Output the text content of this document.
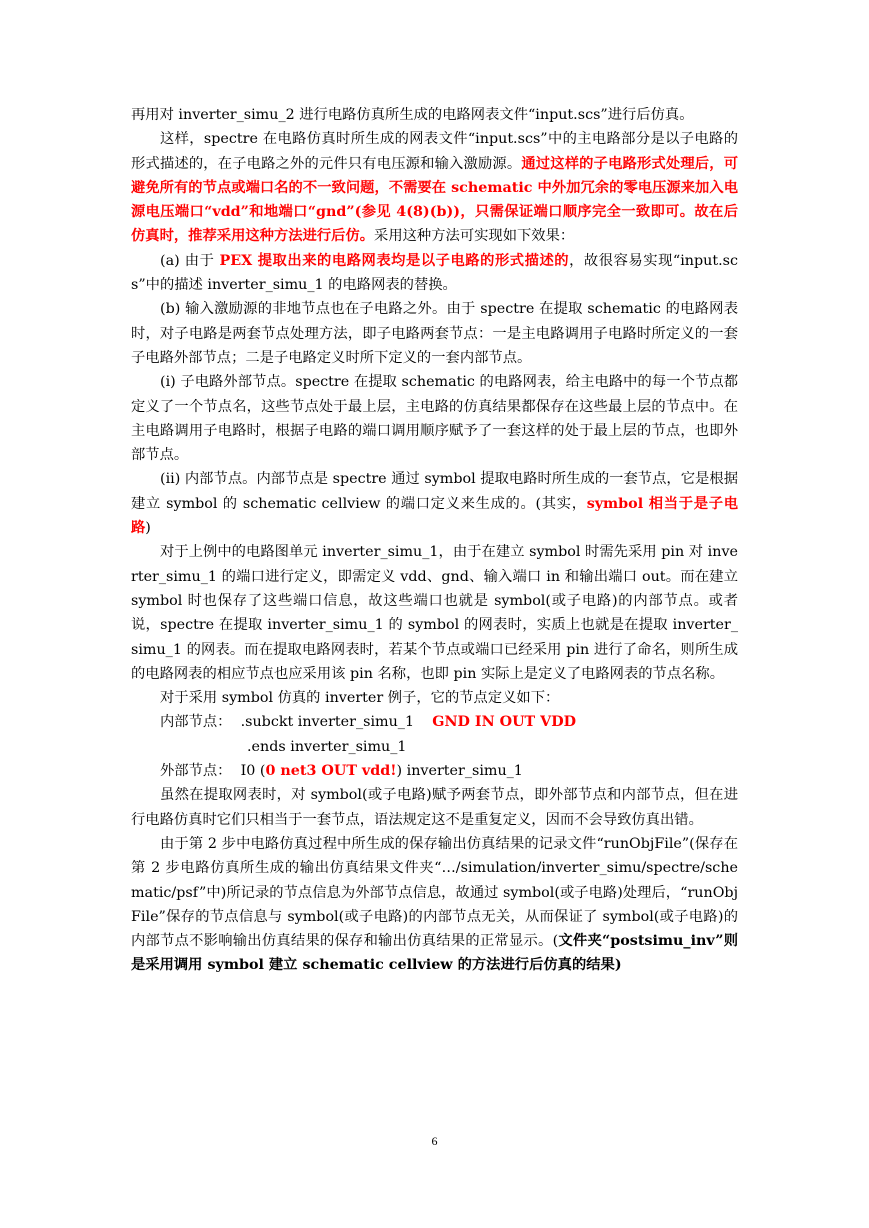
再用对 inverter_simu_2 进行电路仿真所生成的电路网表文件“input.scs”进行后仿真。

这样，spectre 在电路仿真时所生成的网表文件“input.scs”中的主电路部分是以子电路的形式描述的，在子电路之外的元件只有电压源和输入激励源。通过这样的子电路形式处理后，可避免所有的节点或端口名的不一致问题，不需要在 schematic 中外加冗余的零电压源来加入电源电压端口“vdd”和地端口“gnd”(参见 4(8)(b))，只需保证端口顺序完全一致即可。故在后仿真时，推荐采用这种方法进行后仿。采用这种方法可实现如下效果：

(a) 由于 PEX 提取出来的电路网表均是以子电路的形式描述的，故很容易实现“input.scs”中的描述 inverter_simu_1 的电路网表的替换。

(b) 输入激励源的非地节点也在子电路之外。由于 spectre 在提取 schematic 的电路网表时，对子电路是两套节点处理方法，即子电路两套节点：一是主电路调用子电路时所定义的一套子电路外部节点；二是子电路定义时所下定义的一套内部节点。

(i) 子电路外部节点。spectre 在提取 schematic 的电路网表，给主电路中的每一个节点都定义了一个节点名，这些节点处于最上层，主电路的仿真结果都保存在这些最上层的节点中。在主电路调用子电路时，根据子电路的端口调用顺序赋予了一套这样的处于最上层的节点，也即外部节点。

(ii) 内部节点。内部节点是 spectre 通过 symbol 提取电路时所生成的一套节点，它是根据建立 symbol 的 schematic cellview 的端口定义来生成的。(其实，symbol 相当于是子电路)

对于上例中的电路图单元 inverter_simu_1，由于在建立 symbol 时需先采用 pin 对 inverter_simu_1 的端口进行定义，即需定义 vdd、gnd、输入端口 in 和输出端口 out。而在建立 symbol 时也保存了这些端口信息，故这些端口也就是 symbol(或子电路)的内部节点。或者说，spectre 在提取 inverter_simu_1 的 symbol 的网表时，实质上也就是在提取 inverter_simu_1 的网表。而在提取电路网表时，若某个节点或端口已经采用 pin 进行了命名，则所生成的电路网表的相应节点也应采用该 pin 名称，也即 pin 实际上是定义了电路网表的节点名称。

对于采用 symbol 仿真的 inverter 例子，它的节点定义如下：

内部节点： .subckt inverter_simu_1 GND IN OUT VDD

.ends inverter_simu_1

外部节点： I0 (0 net3 OUT vdd!) inverter_simu_1

虽然在提取网表时，对 symbol(或子电路)赋予两套节点，即外部节点和内部节点，但在进行电路仿真时它们只相当于一套节点，语法规定这不是重复定义，因而不会导致仿真出错。

由于第 2 步中电路仿真过程中所生成的保存输出仿真结果的记录文件“runObjFile”(保存在第 2 步电路仿真所生成的输出仿真结果文件夹“…/simulation/inverter_simu/spectre/schematic/psf”中)所记录的节点信息为外部节点信息，故通过 symbol(或子电路)处理后，“runObjFile”保存的节点信息与 symbol(或子电路)的内部节点无关，从而保证了 symbol(或子电路)的内部节点不影响输出仿真结果的保存和输出仿真结果的正常显示。(文件夹“postsimu_inv”则是采用调用 symbol 建立 schematic cellview 的方法进行后仿真的结果)

6
